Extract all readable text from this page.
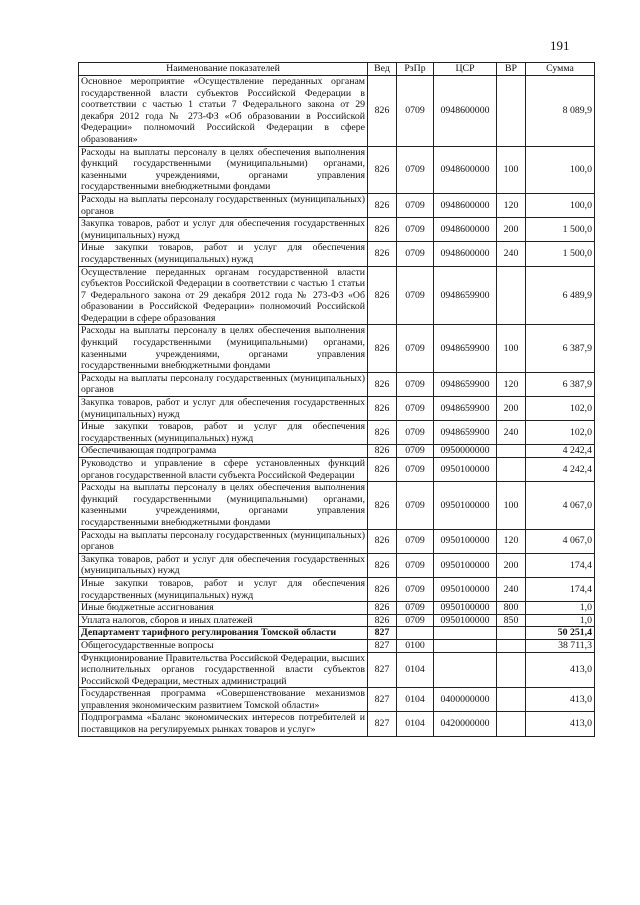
191
Наименование показателей	Вед	РзПр	ЦСР	ВР	Сумма
Основное мероприятие «Осуществление переданных органам государственной власти субъектов Российской Федерации в соответствии с частью 1 статьи 7 Федерального закона от 29 декабря 2012 года № 273-ФЗ «Об образовании в Российской Федерации» полномочий Российской Федерации в сфере образования»	826	0709	0948600000		8 089,9
Расходы на выплаты персоналу в целях обеспечения выполнения функций государственными (муниципальными) органами, казенными учреждениями, органами управления государственными внебюджетными фондами	826	0709	0948600000	100	100,0
Расходы на выплаты персоналу государственных (муниципальных) органов	826	0709	0948600000	120	100,0
Закупка товаров, работ и услуг для обеспечения государственных (муниципальных) нужд	826	0709	0948600000	200	1 500,0
Иные закупки товаров, работ и услуг для обеспечения государственных (муниципальных) нужд	826	0709	0948600000	240	1 500,0
Осуществление переданных органам государственной власти субъектов Российской Федерации в соответствии с частью 1 статьи 7 Федерального закона от 29 декабря 2012 года № 273-ФЗ «Об образовании в Российской Федерации» полномочий Российской Федерации в сфере образования	826	0709	0948659900		6 489,9
Расходы на выплаты персоналу в целях обеспечения выполнения функций государственными (муниципальными) органами, казенными учреждениями, органами управления государственными внебюджетными фондами	826	0709	0948659900	100	6 387,9
Расходы на выплаты персоналу государственных (муниципальных) органов	826	0709	0948659900	120	6 387,9
Закупка товаров, работ и услуг для обеспечения государственных (муниципальных) нужд	826	0709	0948659900	200	102,0
Иные закупки товаров, работ и услуг для обеспечения государственных (муниципальных) нужд	826	0709	0948659900	240	102,0
Обеспечивающая подпрограмма	826	0709	0950000000		4 242,4
Руководство и управление в сфере установленных функций органов государственной власти субъекта Российской Федерации	826	0709	0950100000		4 242,4
Расходы на выплаты персоналу в целях обеспечения выполнения функций государственными (муниципальными) органами, казенными учреждениями, органами управления государственными внебюджетными фондами	826	0709	0950100000	100	4 067,0
Расходы на выплаты персоналу государственных (муниципальных) органов	826	0709	0950100000	120	4 067,0
Закупка товаров, работ и услуг для обеспечения государственных (муниципальных) нужд	826	0709	0950100000	200	174,4
Иные закупки товаров, работ и услуг для обеспечения государственных (муниципальных) нужд	826	0709	0950100000	240	174,4
Иные бюджетные ассигнования	826	0709	0950100000	800	1,0
Уплата налогов, сборов и иных платежей	826	0709	0950100000	850	1,0
Департамент тарифного регулирования Томской области	827				50 251,4
Общегосударственные вопросы	827	0100			38 711,3
Функционирование Правительства Российской Федерации, высших исполнительных органов государственной власти субъектов Российской Федерации, местных администраций	827	0104			413,0
Государственная программа «Совершенствование механизмов управления экономическим развитием Томской области»	827	0104	0400000000		413,0
Подпрограмма «Баланс экономических интересов потребителей и поставщиков на регулируемых рынках товаров и услуг»	827	0104	0420000000		413,0
